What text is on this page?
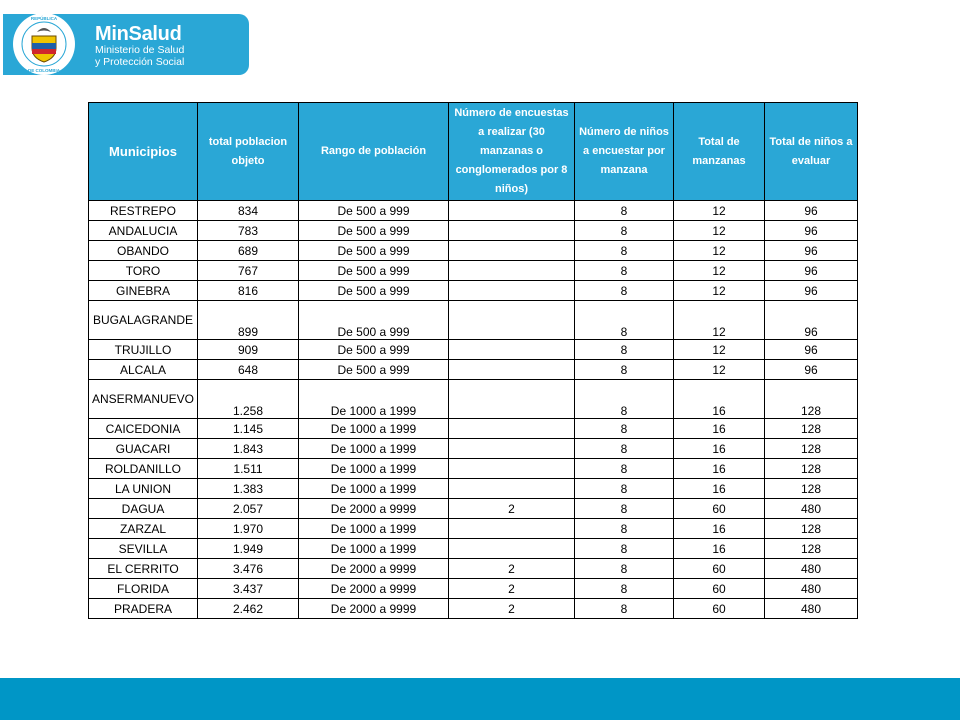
REPÚBLICA
DE COLOMBIA
MinSalud
Ministerio de Salud
y Protección Social
Municipios	total poblacion objeto	Rango de población	Número de encuestas a realizar (30 manzanas o conglomerados por 8 niños)	Número de niños a encuestar por manzana	Total de manzanas	Total de niños a evaluar
RESTREPO	834	De 500 a 999		8	12	96
ANDALUCIA	783	De 500 a 999		8	12	96
OBANDO	689	De 500 a 999		8	12	96
TORO	767	De 500 a 999		8	12	96
GINEBRA	816	De 500 a 999		8	12	96
BUGALAGRANDE	899	De 500 a 999		8	12	96
TRUJILLO	909	De 500 a 999		8	12	96
ALCALA	648	De 500 a 999		8	12	96
ANSERMANUEVO	1.258	De 1000 a 1999		8	16	128
CAICEDONIA	1.145	De 1000 a 1999		8	16	128
GUACARI	1.843	De 1000 a 1999		8	16	128
ROLDANILLO	1.511	De 1000 a 1999		8	16	128
LA UNION	1.383	De 1000 a 1999		8	16	128
DAGUA	2.057	De 2000 a 9999	2	8	60	480
ZARZAL	1.970	De 1000 a 1999		8	16	128
SEVILLA	1.949	De 1000 a 1999		8	16	128
EL CERRITO	3.476	De 2000 a 9999	2	8	60	480
FLORIDA	3.437	De 2000 a 9999	2	8	60	480
PRADERA	2.462	De 2000 a 9999	2	8	60	480
